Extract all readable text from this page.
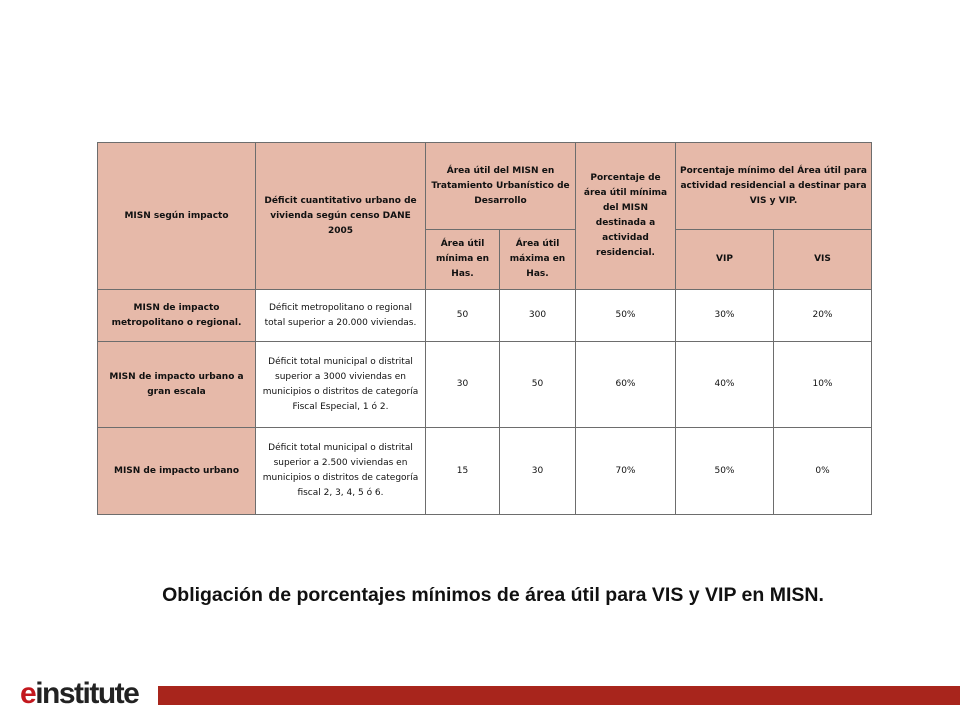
MISN según impacto	Déficit cuantitativo urbano de vivienda según censo DANE 2005	Área útil del MISN en Tratamiento Urbanístico de Desarrollo		Porcentaje de área útil mínima del MISN destinada a actividad residencial.	Porcentaje mínimo del Área útil para actividad residencial a destinar para VIS y VIP.	
		Área útil mínima en Has.	Área útil máxima en Has.		VIP	VIS
MISN de impacto metropolitano o regional.	Déficit metropolitano o regional total superior a 20.000 viviendas.	50	300	50%	30%	20%
MISN de impacto urbano a gran escala	Déficit total municipal o distrital superior a 3000 viviendas en municipios o distritos de categoría Fiscal Especial, 1 ó 2.	30	50	60%	40%	10%
MISN de impacto urbano	Déficit total municipal o distrital superior a 2.500 viviendas en municipios o distritos de categoría fiscal 2, 3, 4, 5 ó 6.	15	30	70%	50%	0%
Obligación de porcentajes mínimos de área útil para VIS y VIP en MISN.
einstitute
